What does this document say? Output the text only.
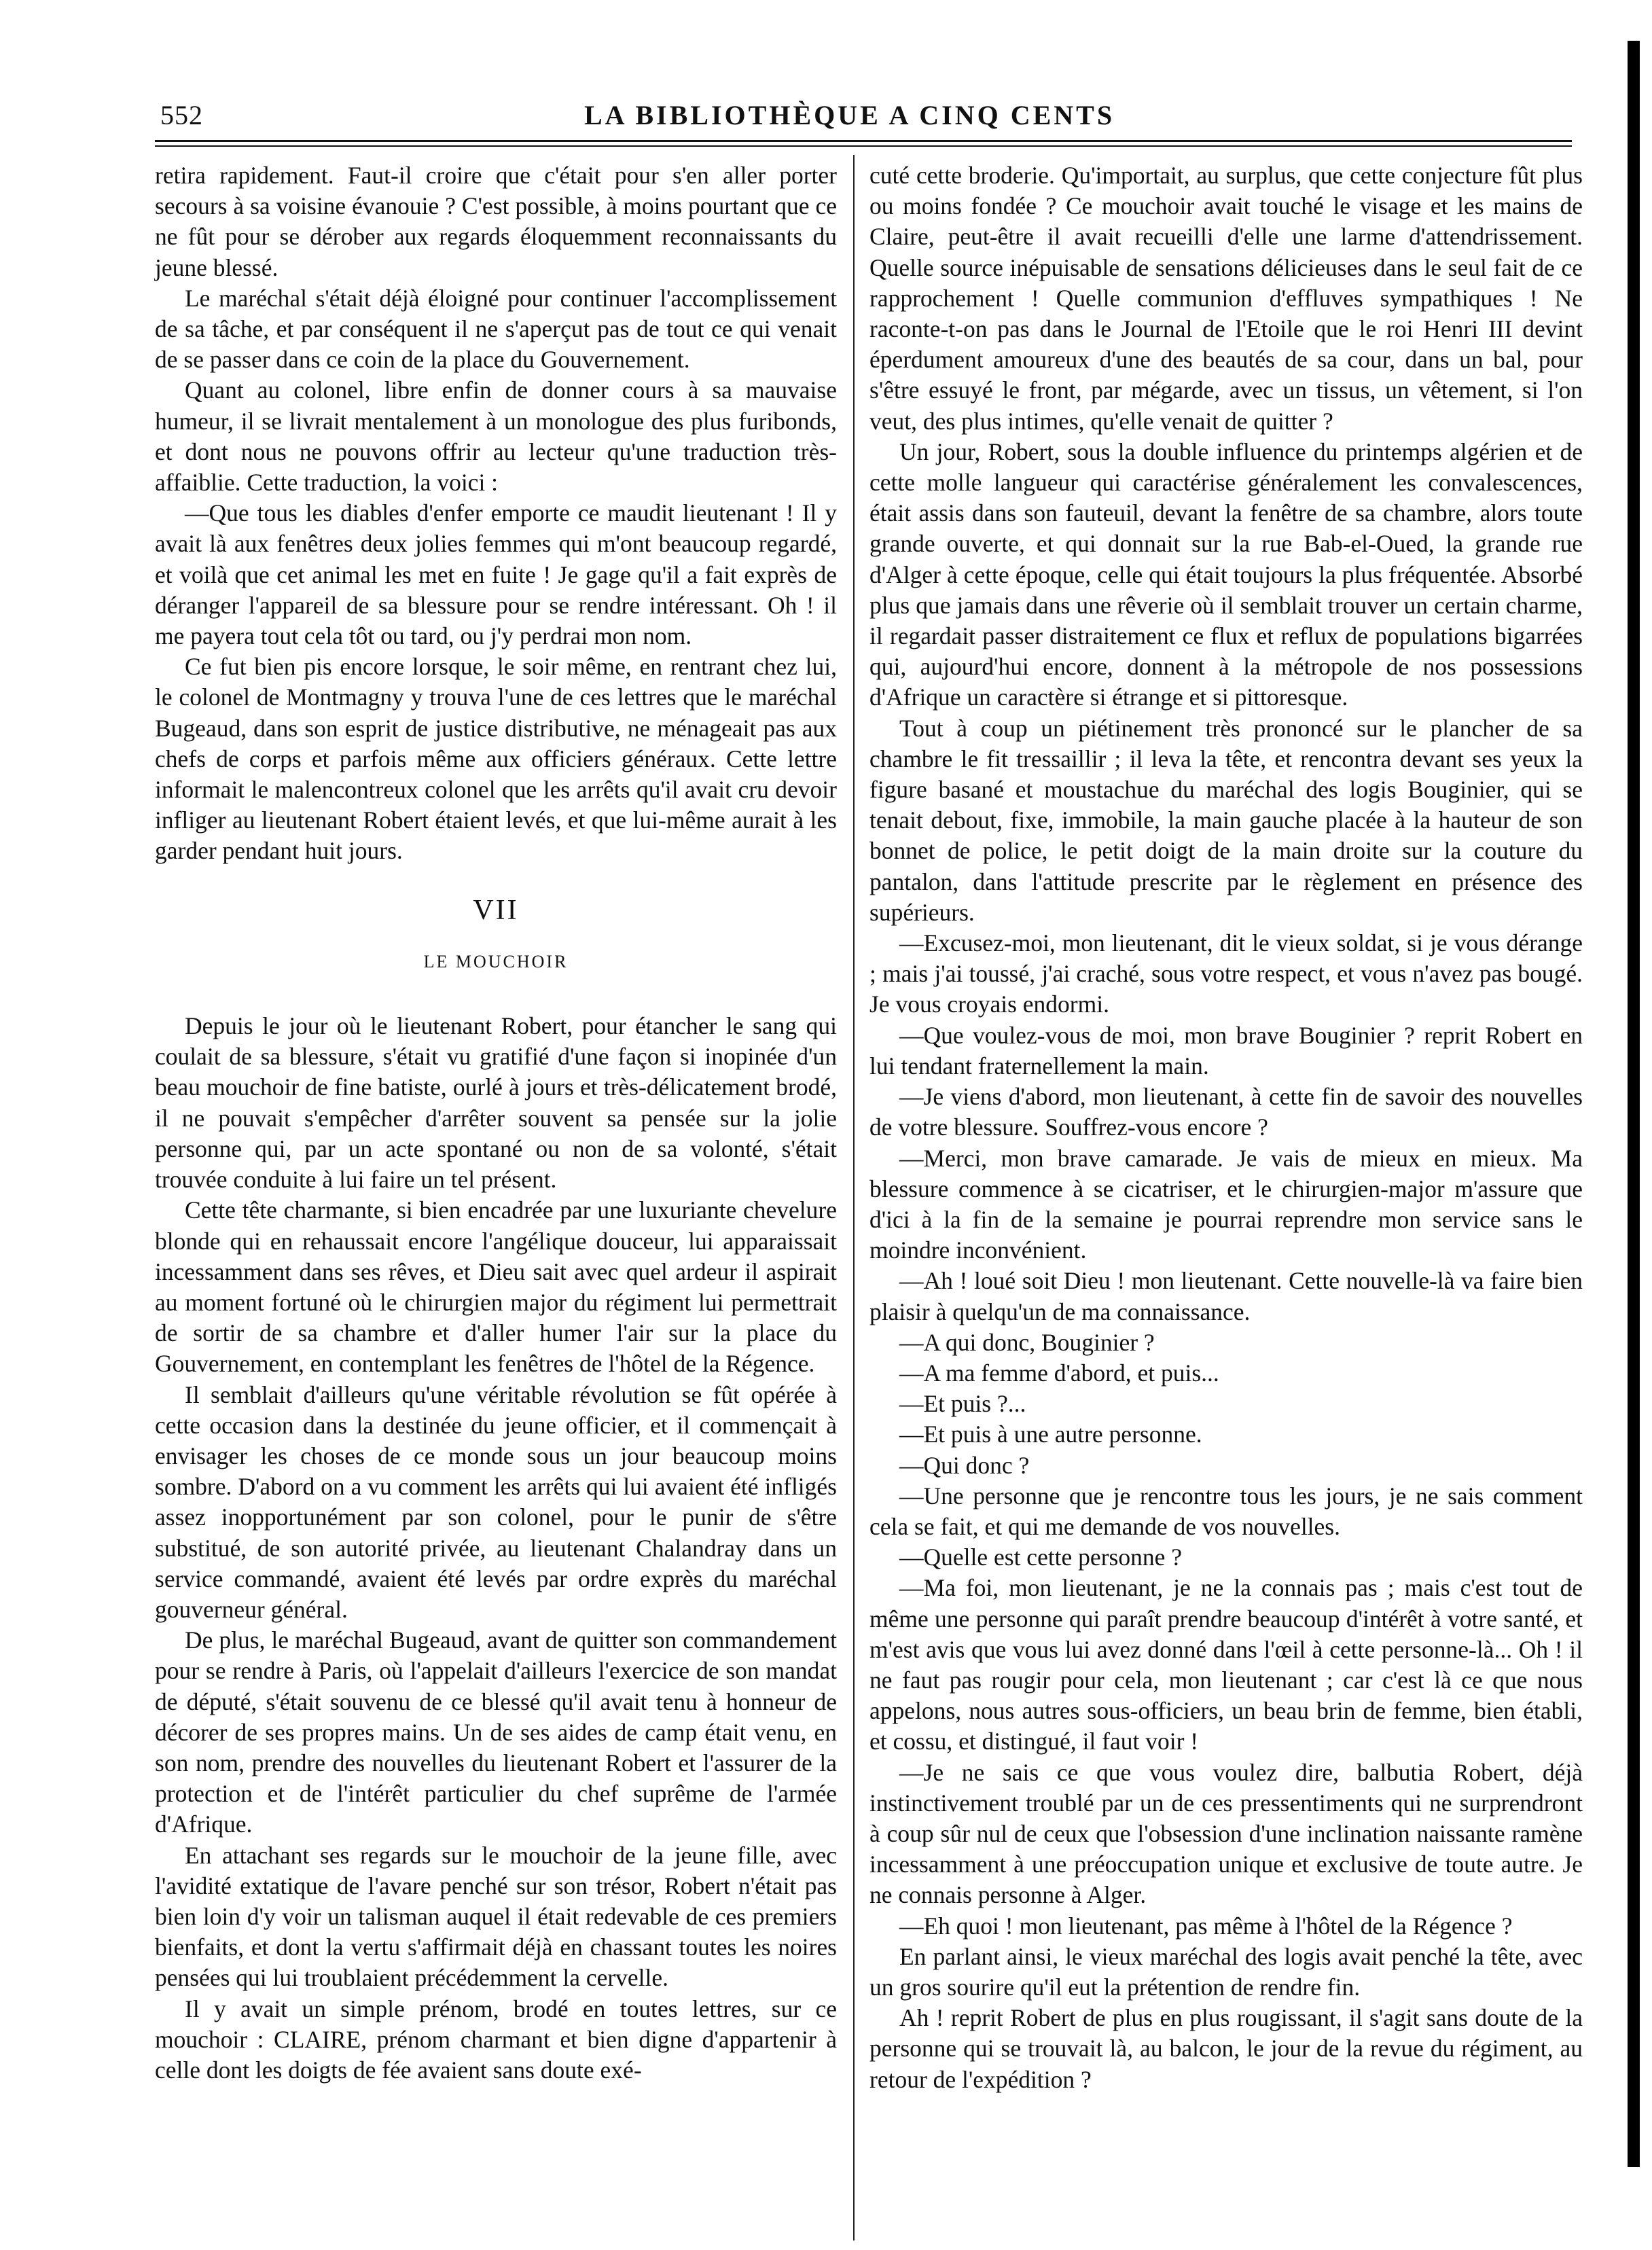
552	LA BIBLIOTHÈQUE A CINQ CENTS

retira rapidement. Faut-il croire que c'était pour s'en aller porter secours à sa voisine évanouie ? C'est possible, à moins pourtant que ce ne fût pour se dérober aux regards éloquemment reconnaissants du jeune blessé.

Le maréchal s'était déjà éloigné pour continuer l'accomplissement de sa tâche, et par conséquent il ne s'aperçut pas de tout ce qui venait de se passer dans ce coin de la place du Gouvernement.

Quant au colonel, libre enfin de donner cours à sa mauvaise humeur, il se livrait mentalement à un monologue des plus furibonds, et dont nous ne pouvons offrir au lecteur qu'une traduction très-affaiblie. Cette traduction, la voici :

—Que tous les diables d'enfer emporte ce maudit lieutenant ! Il y avait là aux fenêtres deux jolies femmes qui m'ont beaucoup regardé, et voilà que cet animal les met en fuite ! Je gage qu'il a fait exprès de déranger l'appareil de sa blessure pour se rendre intéressant. Oh ! il me payera tout cela tôt ou tard, ou j'y perdrai mon nom.

Ce fut bien pis encore lorsque, le soir même, en rentrant chez lui, le colonel de Montmagny y trouva l'une de ces lettres que le maréchal Bugeaud, dans son esprit de justice distributive, ne ménageait pas aux chefs de corps et parfois même aux officiers généraux. Cette lettre informait le malencontreux colonel que les arrêts qu'il avait cru devoir infliger au lieutenant Robert étaient levés, et que lui-même aurait à les garder pendant huit jours.

VII

LE MOUCHOIR

Depuis le jour où le lieutenant Robert, pour étancher le sang qui coulait de sa blessure, s'était vu gratifié d'une façon si inopinée d'un beau mouchoir de fine batiste, ourlé à jours et très-délicatement brodé, il ne pouvait s'empêcher d'arrêter souvent sa pensée sur la jolie personne qui, par un acte spontané ou non de sa volonté, s'était trouvée conduite à lui faire un tel présent.

Cette tête charmante, si bien encadrée par une luxuriante chevelure blonde qui en rehaussait encore l'angélique douceur, lui apparaissait incessamment dans ses rêves, et Dieu sait avec quel ardeur il aspirait au moment fortuné où le chirurgien major du régiment lui permettrait de sortir de sa chambre et d'aller humer l'air sur la place du Gouvernement, en contemplant les fenêtres de l'hôtel de la Régence.

Il semblait d'ailleurs qu'une véritable révolution se fût opérée à cette occasion dans la destinée du jeune officier, et il commençait à envisager les choses de ce monde sous un jour beaucoup moins sombre. D'abord on a vu comment les arrêts qui lui avaient été infligés assez inopportunément par son colonel, pour le punir de s'être substitué, de son autorité privée, au lieutenant Chalandray dans un service commandé, avaient été levés par ordre exprès du maréchal gouverneur général.

De plus, le maréchal Bugeaud, avant de quitter son commandement pour se rendre à Paris, où l'appelait d'ailleurs l'exercice de son mandat de député, s'était souvenu de ce blessé qu'il avait tenu à honneur de décorer de ses propres mains. Un de ses aides de camp était venu, en son nom, prendre des nouvelles du lieutenant Robert et l'assurer de la protection et de l'intérêt particulier du chef suprême de l'armée d'Afrique.

En attachant ses regards sur le mouchoir de la jeune fille, avec l'avidité extatique de l'avare penché sur son trésor, Robert n'était pas bien loin d'y voir un talisman auquel il était redevable de ces premiers bienfaits, et dont la vertu s'affirmait déjà en chassant toutes les noires pensées qui lui troublaient précédemment la cervelle.

Il y avait un simple prénom, brodé en toutes lettres, sur ce mouchoir : CLAIRE, prénom charmant et bien digne d'appartenir à celle dont les doigts de fée avaient sans doute exé-

cuté cette broderie. Qu'importait, au surplus, que cette conjecture fût plus ou moins fondée ? Ce mouchoir avait touché le visage et les mains de Claire, peut-être il avait recueilli d'elle une larme d'attendrissement. Quelle source inépuisable de sensations délicieuses dans le seul fait de ce rapprochement ! Quelle communion d'effluves sympathiques ! Ne raconte-t-on pas dans le Journal de l'Etoile que le roi Henri III devint éperdument amoureux d'une des beautés de sa cour, dans un bal, pour s'être essuyé le front, par mégarde, avec un tissus, un vêtement, si l'on veut, des plus intimes, qu'elle venait de quitter ?

Un jour, Robert, sous la double influence du printemps algérien et de cette molle langueur qui caractérise généralement les convalescences, était assis dans son fauteuil, devant la fenêtre de sa chambre, alors toute grande ouverte, et qui donnait sur la rue Bab-el-Oued, la grande rue d'Alger à cette époque, celle qui était toujours la plus fréquentée. Absorbé plus que jamais dans une rêverie où il semblait trouver un certain charme, il regardait passer distraitement ce flux et reflux de populations bigarrées qui, aujourd'hui encore, donnent à la métropole de nos possessions d'Afrique un caractère si étrange et si pittoresque.

Tout à coup un piétinement très prononcé sur le plancher de sa chambre le fit tressaillir ; il leva la tête, et rencontra devant ses yeux la figure basané et moustachue du maréchal des logis Bouginier, qui se tenait debout, fixe, immobile, la main gauche placée à la hauteur de son bonnet de police, le petit doigt de la main droite sur la couture du pantalon, dans l'attitude prescrite par le règlement en présence des supérieurs.

—Excusez-moi, mon lieutenant, dit le vieux soldat, si je vous dérange ; mais j'ai toussé, j'ai craché, sous votre respect, et vous n'avez pas bougé. Je vous croyais endormi.

—Que voulez-vous de moi, mon brave Bouginier ? reprit Robert en lui tendant fraternellement la main.

—Je viens d'abord, mon lieutenant, à cette fin de savoir des nouvelles de votre blessure. Souffrez-vous encore ?

—Merci, mon brave camarade. Je vais de mieux en mieux. Ma blessure commence à se cicatriser, et le chirurgien-major m'assure que d'ici à la fin de la semaine je pourrai reprendre mon service sans le moindre inconvénient.

—Ah ! loué soit Dieu ! mon lieutenant. Cette nouvelle-là va faire bien plaisir à quelqu'un de ma connaissance.

—A qui donc, Bouginier ?

—A ma femme d'abord, et puis...

—Et puis ?...

—Et puis à une autre personne.

—Qui donc ?

—Une personne que je rencontre tous les jours, je ne sais comment cela se fait, et qui me demande de vos nouvelles.

—Quelle est cette personne ?

—Ma foi, mon lieutenant, je ne la connais pas ; mais c'est tout de même une personne qui paraît prendre beaucoup d'intérêt à votre santé, et m'est avis que vous lui avez donné dans l'œil à cette personne-là... Oh ! il ne faut pas rougir pour cela, mon lieutenant ; car c'est là ce que nous appelons, nous autres sous-officiers, un beau brin de femme, bien établi, et cossu, et distingué, il faut voir !

—Je ne sais ce que vous voulez dire, balbutia Robert, déjà instinctivement troublé par un de ces pressentiments qui ne surprendront à coup sûr nul de ceux que l'obsession d'une inclination naissante ramène incessamment à une préoccupation unique et exclusive de toute autre. Je ne connais personne à Alger.

—Eh quoi ! mon lieutenant, pas même à l'hôtel de la Régence ?

En parlant ainsi, le vieux maréchal des logis avait penché la tête, avec un gros sourire qu'il eut la prétention de rendre fin.

Ah ! reprit Robert de plus en plus rougissant, il s'agit sans doute de la personne qui se trouvait là, au balcon, le jour de la revue du régiment, au retour de l'expédition ?
